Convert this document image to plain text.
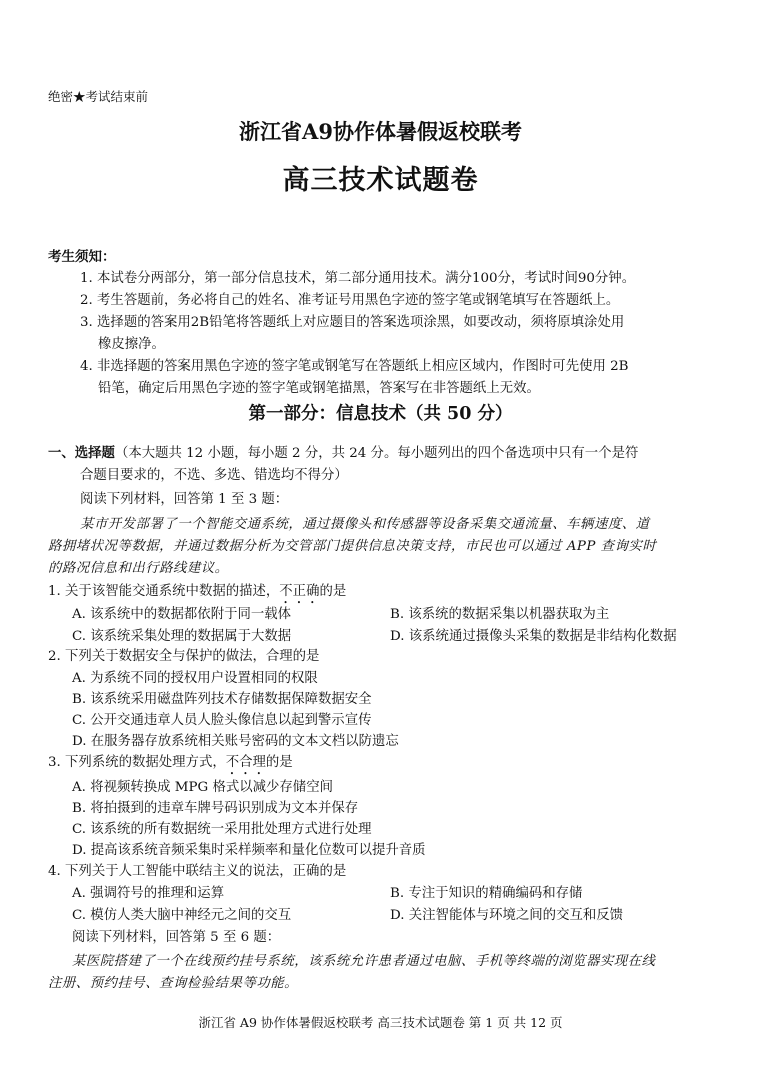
绝密★考试结束前
浙江省A9协作体暑假返校联考
高三技术试题卷
考生须知：
1. 本试卷分两部分，第一部分信息技术，第二部分通用技术。满分100分，考试时间90分钟。
2. 考生答题前，务必将自己的姓名、准考证号用黑色字迹的签字笔或钢笔填写在答题纸上。
3. 选择题的答案用2B铅笔将答题纸上对应题目的答案选项涂黑，如要改动，须将原填涂处用
橡皮擦净。
4. 非选择题的答案用黑色字迹的签字笔或钢笔写在答题纸上相应区域内，作图时可先使用 2B
铅笔，确定后用黑色字迹的签字笔或钢笔描黑，答案写在非答题纸上无效。
第一部分：信息技术（共 50 分）
一、选择题（本大题共 12 小题，每小题 2 分，共 24 分。每小题列出的四个备选项中只有一个是符
合题目要求的，不选、多选、错选均不得分）
阅读下列材料，回答第 1 至 3 题：
某市开发部署了一个智能交通系统，通过摄像头和传感器等设备采集交通流量、车辆速度、道
路拥堵状况等数据，并通过数据分析为交管部门提供信息决策支持，市民也可以通过 APP 查询实时
的路况信息和出行路线建议。
1. 关于该智能交通系统中数据的描述，不正确的是
A. 该系统中的数据都依附于同一载体	B. 该系统的数据采集以机器获取为主
C. 该系统采集处理的数据属于大数据	D. 该系统通过摄像头采集的数据是非结构化数据
2. 下列关于数据安全与保护的做法，合理的是
A. 为系统不同的授权用户设置相同的权限
B. 该系统采用磁盘阵列技术存储数据保障数据安全
C. 公开交通违章人员人脸头像信息以起到警示宣传
D. 在服务器存放系统相关账号密码的文本文档以防遗忘
3. 下列系统的数据处理方式，不合理的是
A. 将视频转换成 MPG 格式以减少存储空间
B. 将拍摄到的违章车牌号码识别成为文本并保存
C. 该系统的所有数据统一采用批处理方式进行处理
D. 提高该系统音频采集时采样频率和量化位数可以提升音质
4. 下列关于人工智能中联结主义的说法，正确的是
A. 强调符号的推理和运算	B. 专注于知识的精确编码和存储
C. 模仿人类大脑中神经元之间的交互	D. 关注智能体与环境之间的交互和反馈
阅读下列材料，回答第 5 至 6 题：
某医院搭建了一个在线预约挂号系统，该系统允许患者通过电脑、手机等终端的浏览器实现在线
注册、预约挂号、查询检验结果等功能。
浙江省 A9 协作体暑假返校联考 高三技术试题卷 第 1 页 共 12 页
